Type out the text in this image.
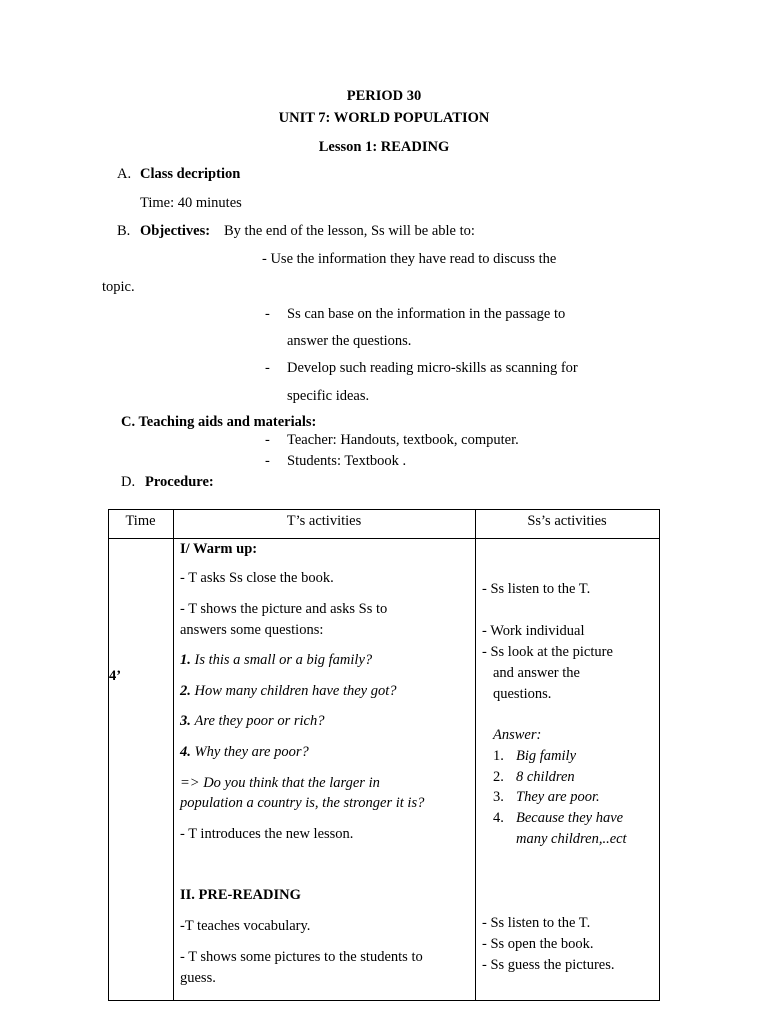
PERIOD 30
UNIT 7: WORLD POPULATION
Lesson 1: READING
A. Class decription
Time: 40 minutes
B. Objectives: By the end of the lesson, Ss will be able to:
- Use the information they have read to discuss the
topic.
- Ss can base on the information in the passage to
answer the questions.
- Develop such reading micro-skills as scanning for
specific ideas.
C. Teaching aids and materials:
- Teacher: Handouts, textbook, computer.
- Students: Textbook .
D. Procedure:
Time	T’s activities	Ss’s activities
4’
I/ Warm up:
- T asks Ss close the book.
- T shows the picture and asks Ss to
answers some questions:
1. Is this a small or a big family?
2. How many children have they got?
3. Are they poor or rich?
4. Why they are poor?
=> Do you think that the larger in
population a country is, the stronger it is?
- T introduces the new lesson.
II. PRE-READING
-T teaches vocabulary.
- T shows some pictures to the students to
guess.
- Ss listen to the T.
- Work individual
- Ss look at the picture
and answer the
questions.
Answer:
1. Big family
2. 8 children
3. They are poor.
4. Because they have
many children,..ect
- Ss listen to the T.
- Ss open the book.
- Ss guess the pictures.
